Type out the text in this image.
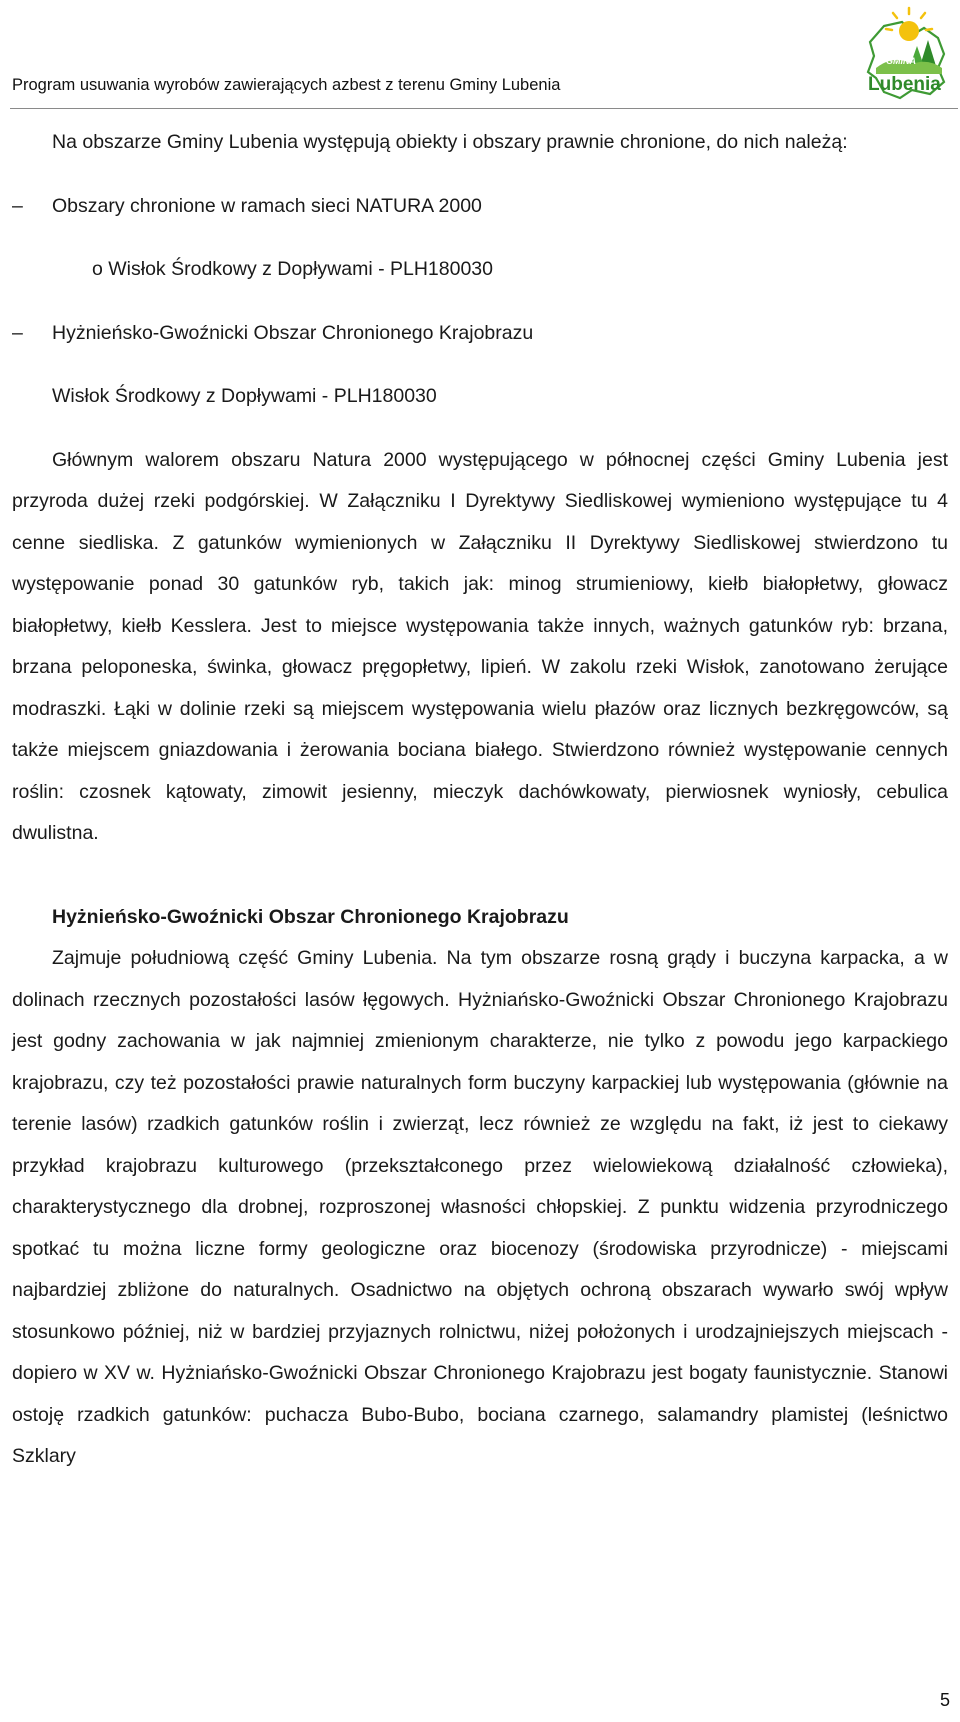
Program usuwania wyrobów zawierających azbest z terenu Gminy Lubenia
GMINA
Lubenia

Na obszarze Gminy Lubenia występują obiekty i obszary prawnie chronione, do nich należą:

–	Obszary chronione w ramach sieci NATURA 2000

o Wisłok Środkowy z Dopływami - PLH180030

–	Hyżnieńsko-Gwoźnicki Obszar Chronionego Krajobrazu

Wisłok Środkowy z Dopływami - PLH180030

Głównym walorem obszaru Natura 2000 występującego w północnej części Gminy Lubenia jest przyroda dużej rzeki podgórskiej. W Załączniku I Dyrektywy Siedliskowej wymieniono występujące tu 4 cenne siedliska. Z gatunków wymienionych w Załączniku II Dyrektywy Siedliskowej stwierdzono tu występowanie ponad 30 gatunków ryb, takich jak: minog strumieniowy, kiełb białopłetwy, głowacz białopłetwy, kiełb Kesslera. Jest to miejsce występowania także innych, ważnych gatunków ryb: brzana, brzana peloponeska, świnka, głowacz pręgopłetwy, lipień. W zakolu rzeki Wisłok, zanotowano żerujące modraszki. Łąki w dolinie rzeki są miejscem występowania wielu płazów oraz licznych bezkręgowców, są także miejscem gniazdowania i żerowania bociana białego. Stwierdzono również występowanie cennych roślin: czosnek kątowaty, zimowit jesienny, mieczyk dachówkowaty, pierwiosnek wyniosły, cebulica dwulistna.

Hyżnieńsko-Gwoźnicki Obszar Chronionego Krajobrazu

Zajmuje południową część Gminy Lubenia. Na tym obszarze rosną grądy i buczyna karpacka, a w dolinach rzecznych pozostałości lasów łęgowych. Hyżniańsko-Gwoźnicki Obszar Chronionego Krajobrazu jest godny zachowania w jak najmniej zmienionym charakterze, nie tylko z powodu jego karpackiego krajobrazu, czy też pozostałości prawie naturalnych form buczyny karpackiej lub występowania (głównie na terenie lasów) rzadkich gatunków roślin i zwierząt, lecz również ze względu na fakt, iż jest to ciekawy przykład krajobrazu kulturowego (przekształconego przez wielowiekową działalność człowieka), charakterystycznego dla drobnej, rozproszonej własności chłopskiej. Z punktu widzenia przyrodniczego spotkać tu można liczne formy geologiczne oraz biocenozy (środowiska przyrodnicze) - miejscami najbardziej zbliżone do naturalnych. Osadnictwo na objętych ochroną obszarach wywarło swój wpływ stosunkowo później, niż w bardziej przyjaznych rolnictwu, niżej położonych i urodzajniejszych miejscach - dopiero w XV w. Hyżniańsko-Gwoźnicki Obszar Chronionego Krajobrazu jest bogaty faunistycznie. Stanowi ostoję rzadkich gatunków: puchacza Bubo-Bubo, bociana czarnego, salamandry plamistej (leśnictwo Szklary

5
